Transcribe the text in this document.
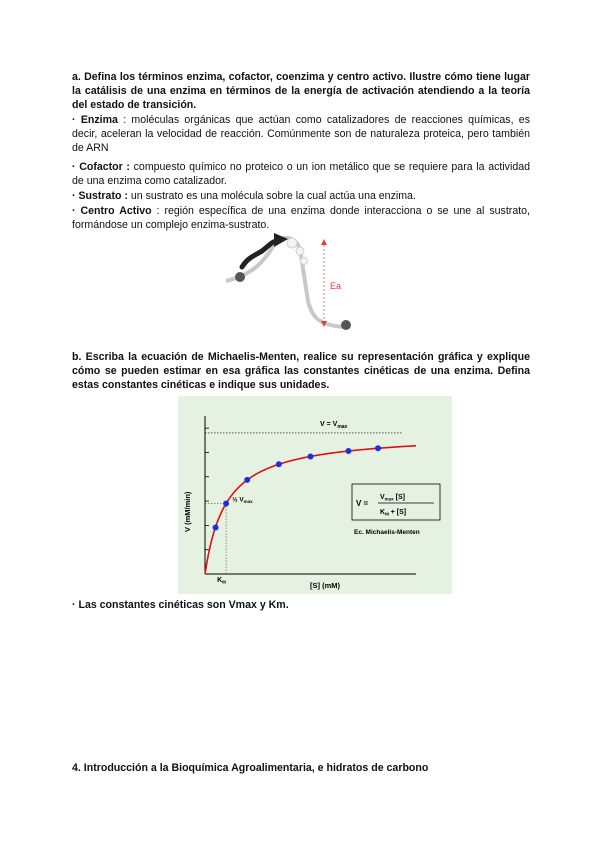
a. Defina los términos enzima, cofactor, coenzima y centro activo. Ilustre cómo tiene lugar la catálisis de una enzima en términos de la energía de activación atendiendo a la teoría del estado de transición.
· Enzima : moléculas orgánicas que actúan como catalizadores de reacciones químicas, es decir, aceleran la velocidad de reacción. Comúnmente son de naturaleza proteica, pero también de ARN
· Cofactor : compuesto químico no proteico o un ion metálico que se requiere para la actividad de una enzima como catalizador.
· Sustrato : un sustrato es una molécula sobre la cual actúa una enzima.
· Centro Activo : región específica de una enzima donde interacciona o se une al sustrato, formándose un complejo enzima-sustrato.
Ea
b. Escriba la ecuación de Michaelis-Menten, realice su representación gráfica y explique cómo se pueden estimar en esa gráfica las constantes cinéticas de una enzima. Defina estas constantes cinéticas e indique sus unidades.
$V = V_{max}$
½ $V_{max}$
$K_M$
V =
$V_{max}$ [S]
$K_M + [S]$
Ec. Michaelis-Menten
V (mM/min)
[S] (mM)
· Las constantes cinéticas son Vmax y Km.
4. Introducción a la Bioquímica Agroalimentaria, e hidratos de carbono
